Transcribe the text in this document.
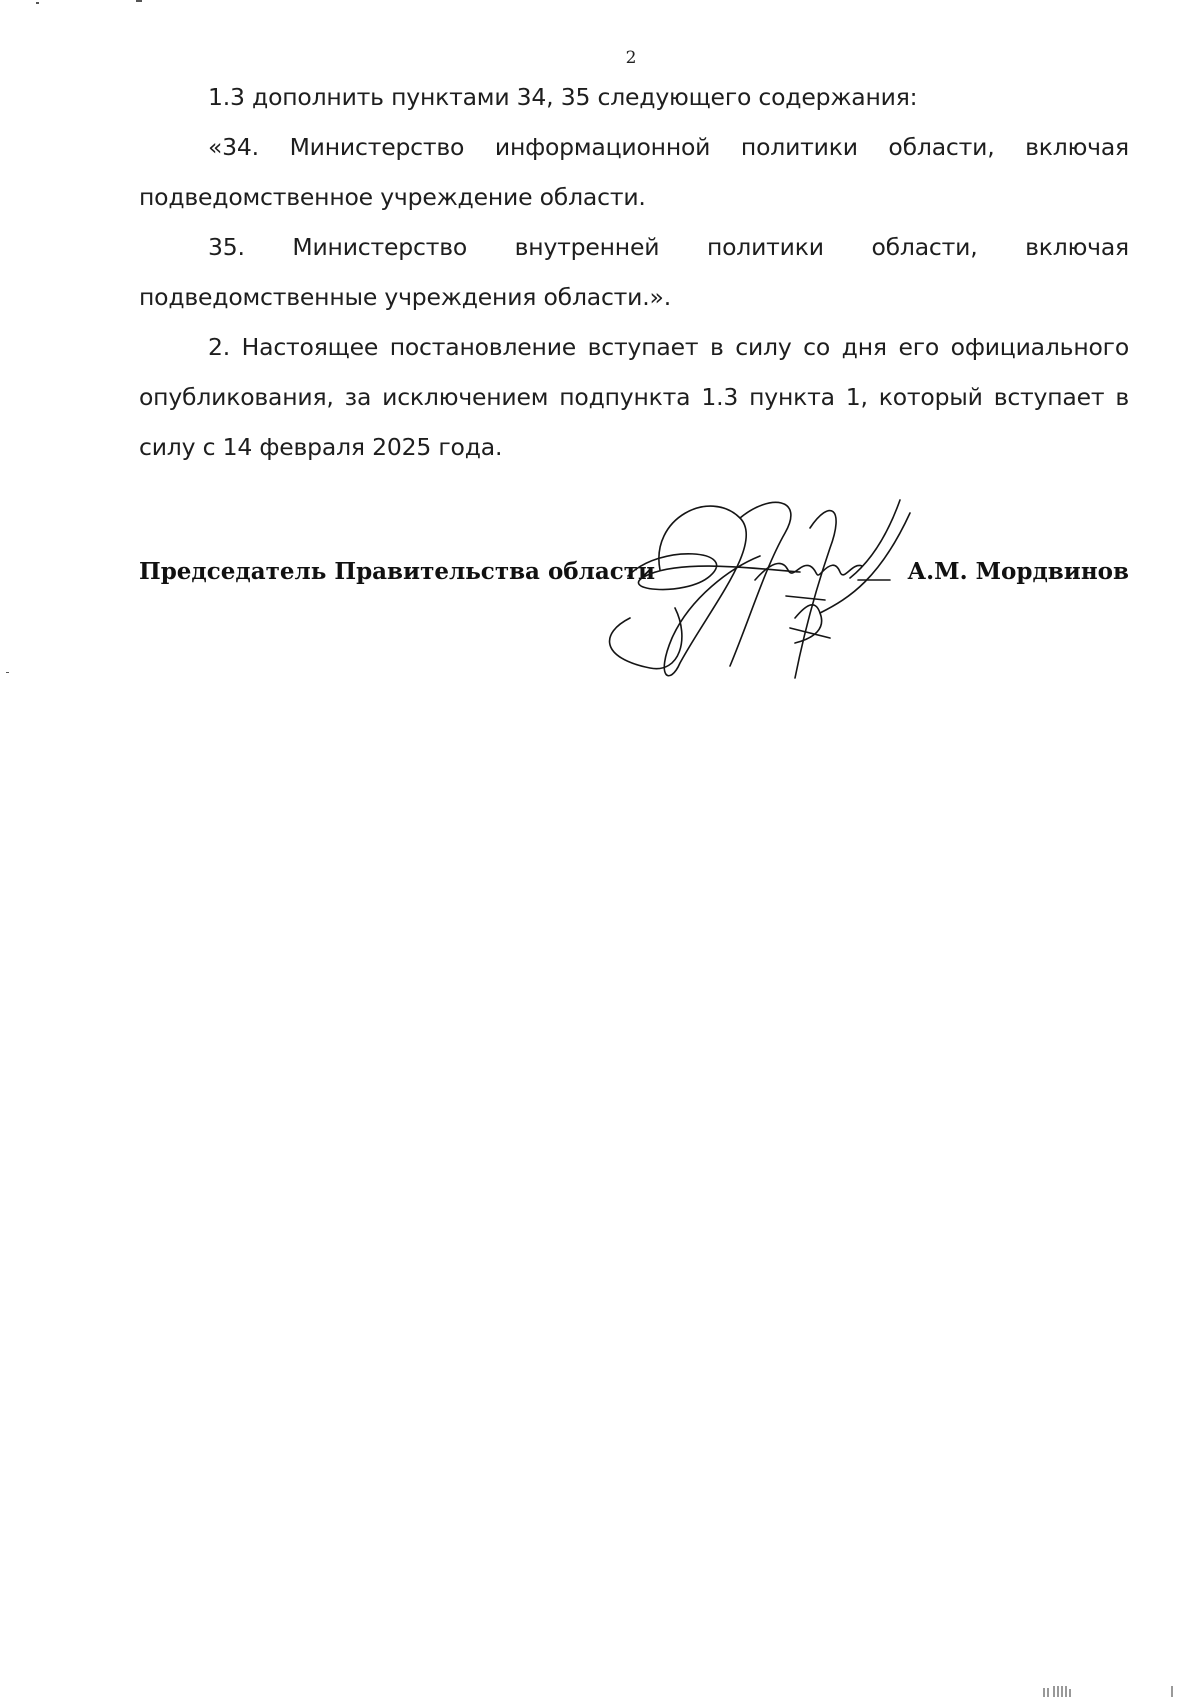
2

1.3 дополнить пунктами 34, 35 следующего содержания:

«34. Министерство информационной политики области, включая подведомственное учреждение области.

35. Министерство внутренней политики области, включая подведомственные учреждения области.».

2. Настоящее постановление вступает в силу со дня его официального опубликования, за исключением подпункта 1.3 пункта 1, который вступает в силу с 14 февраля 2025 года.

Председатель Правительства области	А.М. Мордвинов
